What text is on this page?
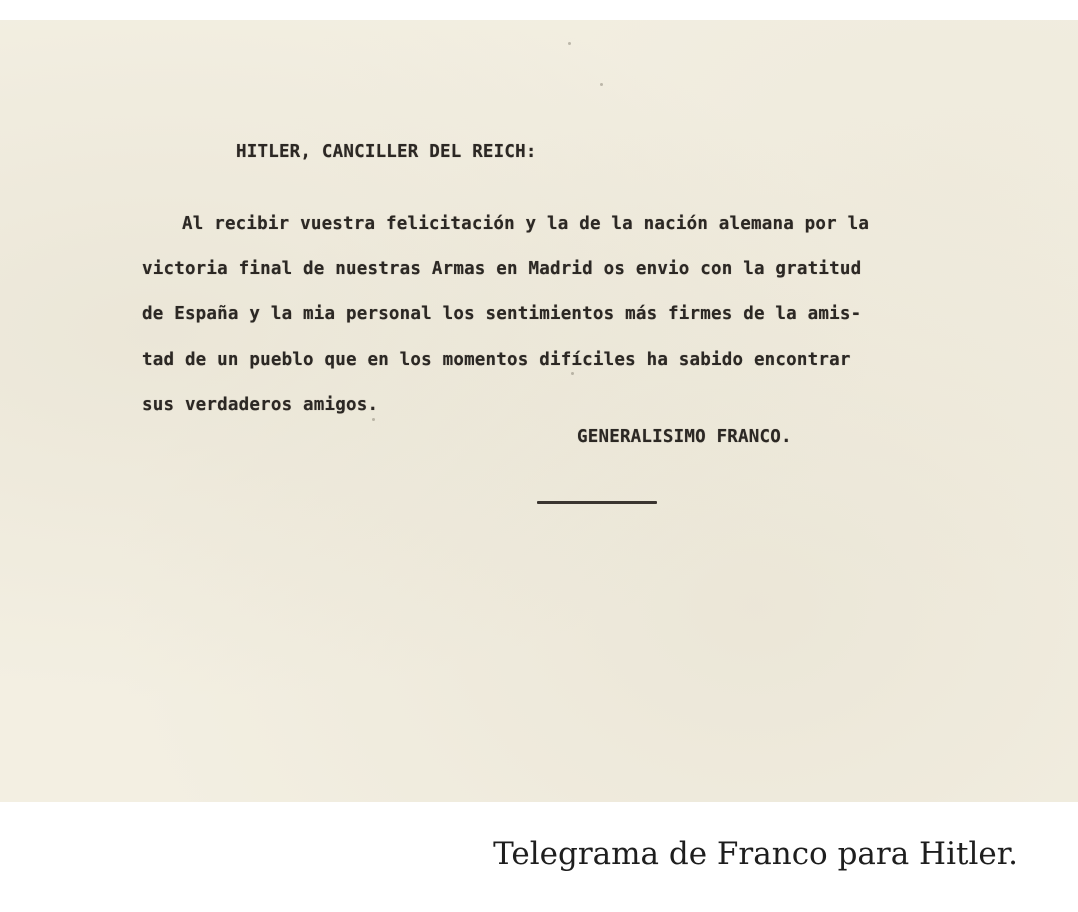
HITLER, CANCILLER DEL REICH:
Al recibir vuestra felicitación y la de la nación alemana por la
victoria final de nuestras Armas en Madrid os envio con la gratitud
de España y la mia personal los sentimientos más firmes de la amis-
tad de un pueblo que en los momentos difíciles ha sabido encontrar
sus verdaderos amigos.
GENERALISIMO FRANCO.
Telegrama de Franco para Hitler.
